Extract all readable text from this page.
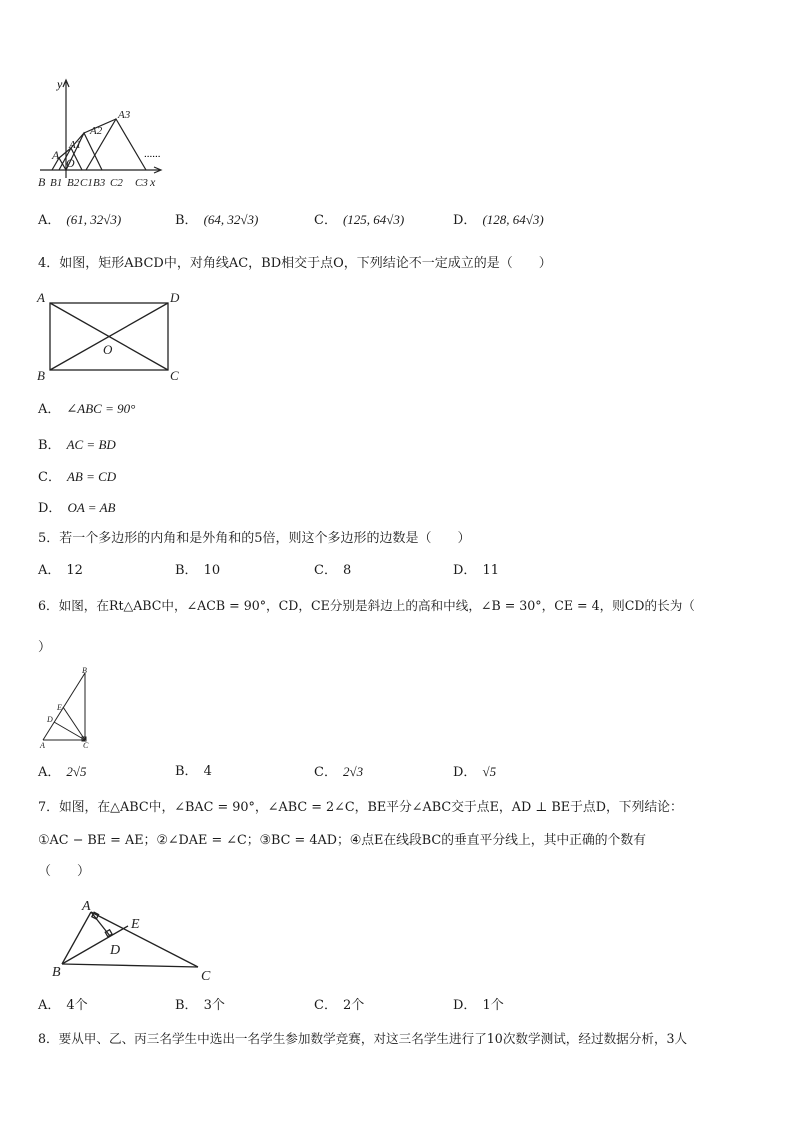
y
......
A
A1
A2
A3
O
B B1 B2 C1 B3 C2 C3 x
A． (61, 32√3)	B． (64, 32√3)	C． (125, 64√3)	D． (128, 64√3)
4．如图，矩形ABCD中，对角线AC，BD相交于点O，下列结论不一定成立的是（　　）
A	D
B	C
O
A． ∠ABC = 90°
B． AC = BD
C． AB = CD
D． OA = AB
5．若一个多边形的内角和是外角和的5倍，则这个多边形的边数是（　　）
A． 12	B． 10	C． 8	D． 11
6．如图，在Rt△ABC中，∠ACB = 90°，CD，CE分别是斜边上的高和中线，∠B = 30°，CE = 4，则CD的长为（
）
B
A	C
D
E
A． 2√5	B． 4	C． 2√3	D． √5
7．如图，在△ABC中，∠BAC = 90°，∠ABC = 2∠C，BE平分∠ABC交于点E，AD ⊥ BE于点D，下列结论：
①AC − BE = AE；②∠DAE = ∠C；③BC = 4AD；④点E在线段BC的垂直平分线上，其中正确的个数有
（　　）
A
E
D
B	C
A． 4个	B． 3个	C． 2个	D． 1个
8．要从甲、乙、丙三名学生中选出一名学生参加数学竞赛，对这三名学生进行了10次数学测试，经过数据分析，3人
